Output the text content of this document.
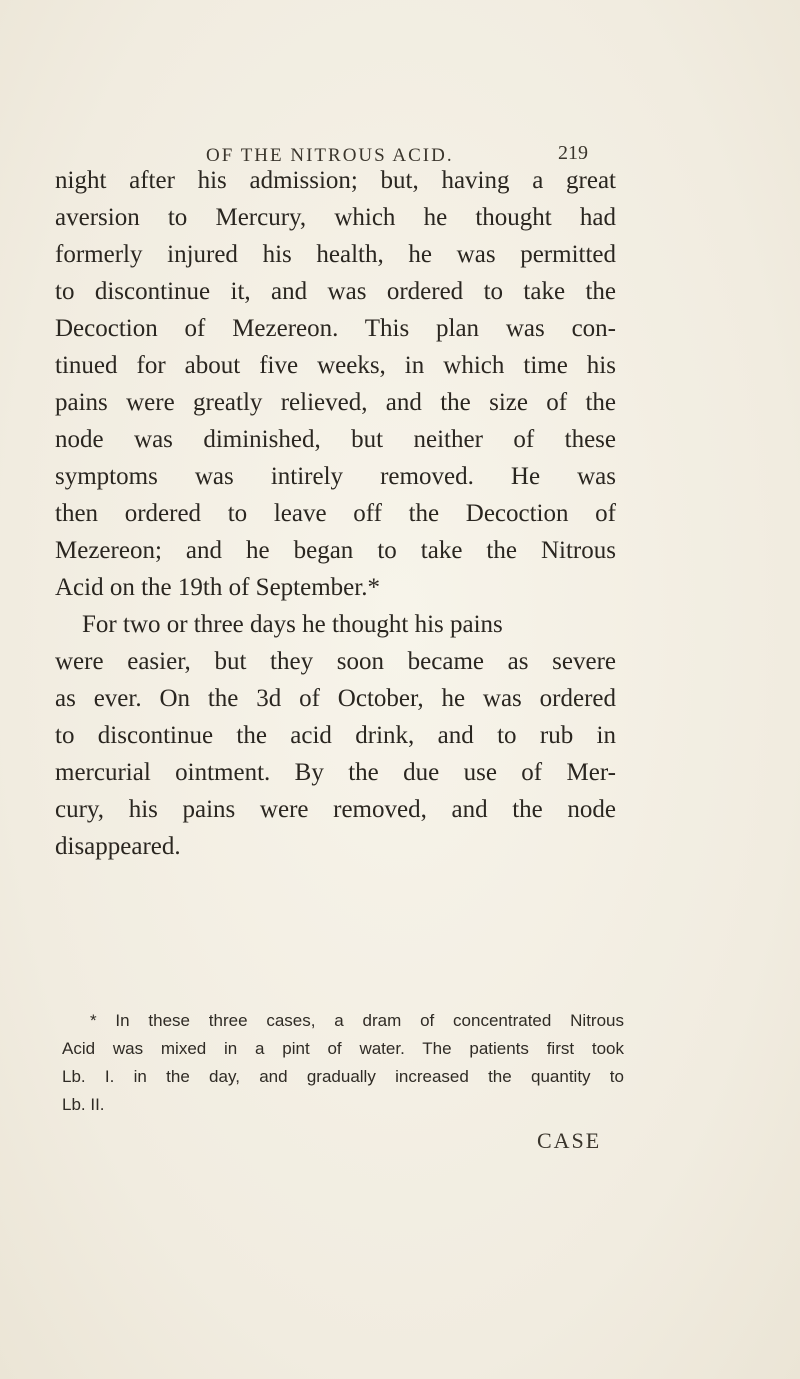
OF THE NITROUS ACID.	219
night after his admission; but, having a great
aversion to Mercury, which he thought had
formerly injured his health, he was permitted
to discontinue it, and was ordered to take the
Decoction of Mezereon. This plan was con-
tinued for about five weeks, in which time his
pains were greatly relieved, and the size of the
node was diminished, but neither of these
symptoms was intirely removed. He was
then ordered to leave off the Decoction of
Mezereon; and he began to take the Nitrous
Acid on the 19th of September.*
For two or three days he thought his pains
were easier, but they soon became as severe
as ever. On the 3d of October, he was ordered
to discontinue the acid drink, and to rub in
mercurial ointment. By the due use of Mer-
cury, his pains were removed, and the node
disappeared.
* In these three cases, a dram of concentrated Nitrous
Acid was mixed in a pint of water. The patients first took
Lb. I. in the day, and gradually increased the quantity to
Lb. II.
CASE
